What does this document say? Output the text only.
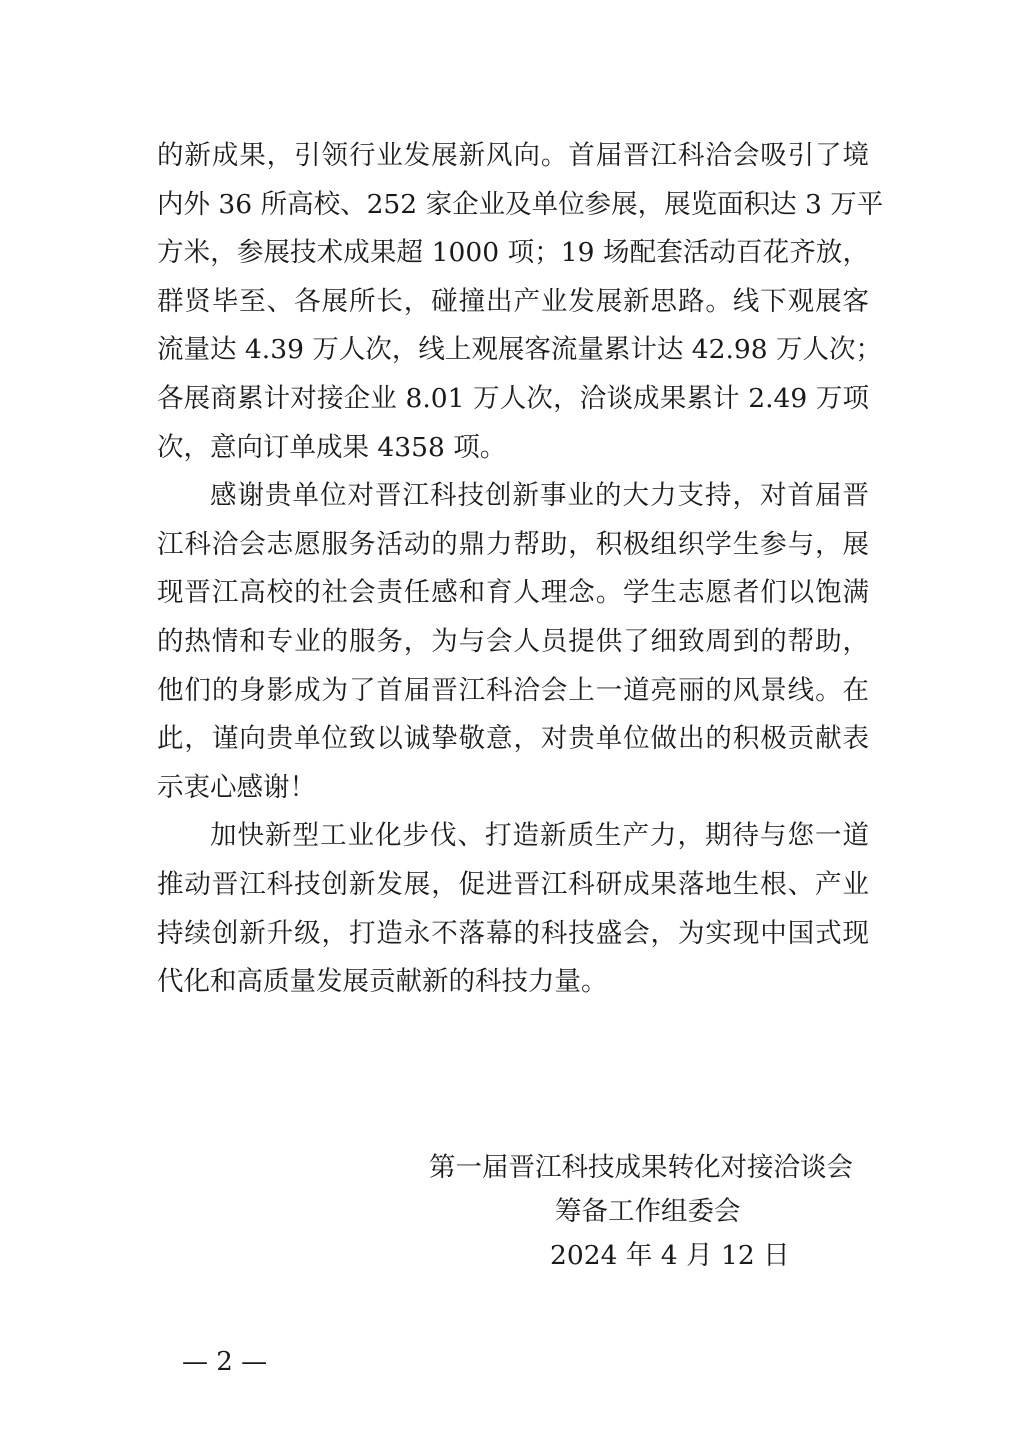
的新成果，引领行业发展新风向。首届晋江科洽会吸引了境
内外 36 所高校、252 家企业及单位参展，展览面积达 3 万平
方米，参展技术成果超 1000 项；19 场配套活动百花齐放，
群贤毕至、各展所长，碰撞出产业发展新思路。线下观展客
流量达 4.39 万人次，线上观展客流量累计达 42.98 万人次；
各展商累计对接企业 8.01 万人次，洽谈成果累计 2.49 万项
次，意向订单成果 4358 项。
感谢贵单位对晋江科技创新事业的大力支持，对首届晋
江科洽会志愿服务活动的鼎力帮助，积极组织学生参与，展
现晋江高校的社会责任感和育人理念。学生志愿者们以饱满
的热情和专业的服务，为与会人员提供了细致周到的帮助，
他们的身影成为了首届晋江科洽会上一道亮丽的风景线。在
此，谨向贵单位致以诚挚敬意，对贵单位做出的积极贡献表
示衷心感谢！
加快新型工业化步伐、打造新质生产力，期待与您一道
推动晋江科技创新发展，促进晋江科研成果落地生根、产业
持续创新升级，打造永不落幕的科技盛会，为实现中国式现
代化和高质量发展贡献新的科技力量。
第一届晋江科技成果转化对接洽谈会
筹备工作组委会
2024 年 4 月 12 日
— 2 —
